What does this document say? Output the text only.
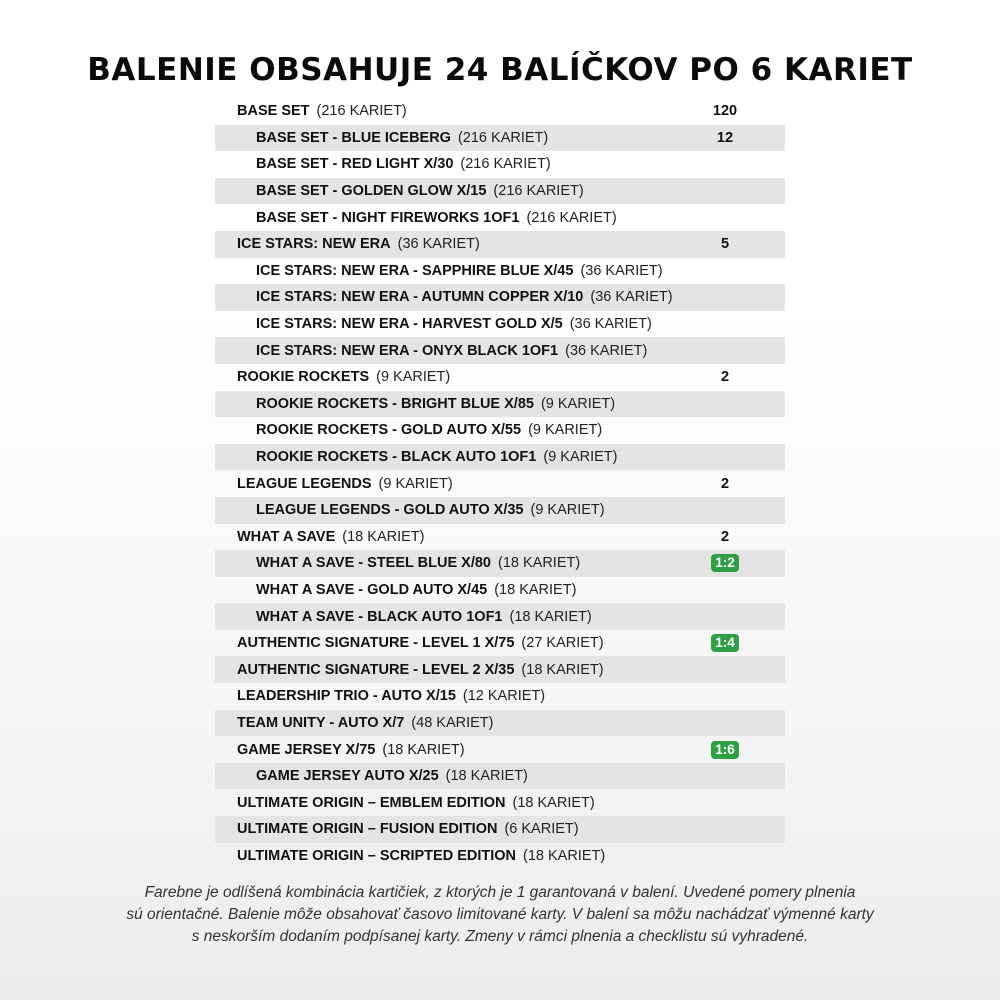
BALENIE OBSAHUJE 24 BALÍČKOV PO 6 KARIET
BASE SET (216 KARIET)	120
BASE SET - BLUE ICEBERG (216 KARIET)	12
BASE SET - RED LIGHT X/30 (216 KARIET)
BASE SET - GOLDEN GLOW X/15 (216 KARIET)
BASE SET - NIGHT FIREWORKS 1OF1 (216 KARIET)
ICE STARS: NEW ERA (36 KARIET)	5
ICE STARS: NEW ERA - SAPPHIRE BLUE X/45 (36 KARIET)
ICE STARS: NEW ERA - AUTUMN COPPER X/10 (36 KARIET)
ICE STARS: NEW ERA - HARVEST GOLD X/5 (36 KARIET)
ICE STARS: NEW ERA - ONYX BLACK 1OF1 (36 KARIET)
ROOKIE ROCKETS (9 KARIET)	2
ROOKIE ROCKETS - BRIGHT BLUE X/85 (9 KARIET)
ROOKIE ROCKETS - GOLD AUTO X/55 (9 KARIET)
ROOKIE ROCKETS - BLACK AUTO 1OF1 (9 KARIET)
LEAGUE LEGENDS (9 KARIET)	2
LEAGUE LEGENDS - GOLD AUTO X/35 (9 KARIET)
WHAT A SAVE (18 KARIET)	2
WHAT A SAVE - STEEL BLUE X/80 (18 KARIET)	1:2
WHAT A SAVE - GOLD AUTO X/45 (18 KARIET)
WHAT A SAVE - BLACK AUTO 1OF1 (18 KARIET)
AUTHENTIC SIGNATURE - LEVEL 1 X/75 (27 KARIET)	1:4
AUTHENTIC SIGNATURE - LEVEL 2 X/35 (18 KARIET)
LEADERSHIP TRIO - AUTO X/15 (12 KARIET)
TEAM UNITY - AUTO X/7 (48 KARIET)
GAME JERSEY X/75 (18 KARIET)	1:6
GAME JERSEY AUTO X/25 (18 KARIET)
ULTIMATE ORIGIN – EMBLEM EDITION (18 KARIET)
ULTIMATE ORIGIN – FUSION EDITION (6 KARIET)
ULTIMATE ORIGIN – SCRIPTED EDITION (18 KARIET)
Farebne je odlíšená kombinácia kartičiek, z ktorých je 1 garantovaná v balení. Uvedené pomery plnenia
sú orientačné. Balenie môže obsahovať časovo limitované karty. V balení sa môžu nachádzať výmenné karty
s neskorším dodaním podpísanej karty. Zmeny v rámci plnenia a checklistu sú vyhradené.
